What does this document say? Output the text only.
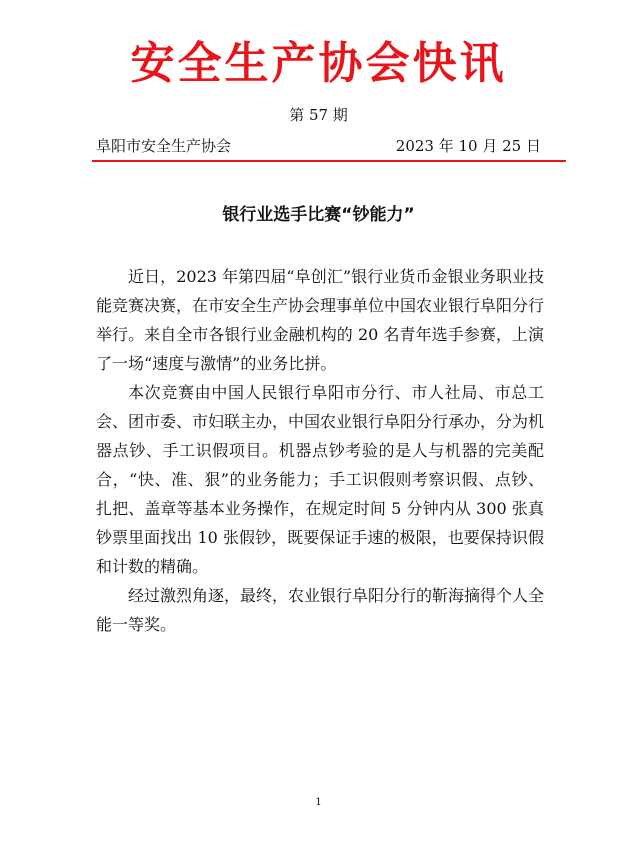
安全生产协会快讯
第 57 期
阜阳市安全生产协会	2023 年 10 月 25 日
银行业选手比赛“钞能力”

近日，2023 年第四届“阜创汇”银行业货币金银业务职业技能竞赛决赛，在市安全生产协会理事单位中国农业银行阜阳分行举行。来自全市各银行业金融机构的 20 名青年选手参赛，上演了一场“速度与激情”的业务比拼。

本次竞赛由中国人民银行阜阳市分行、市人社局、市总工会、团市委、市妇联主办，中国农业银行阜阳分行承办，分为机器点钞、手工识假项目。机器点钞考验的是人与机器的完美配合，“快、准、狠”的业务能力；手工识假则考察识假、点钞、扎把、盖章等基本业务操作，在规定时间 5 分钟内从 300 张真钞票里面找出 10 张假钞，既要保证手速的极限，也要保持识假和计数的精确。

经过激烈角逐，最终，农业银行阜阳分行的靳海摘得个人全能一等奖。

1
